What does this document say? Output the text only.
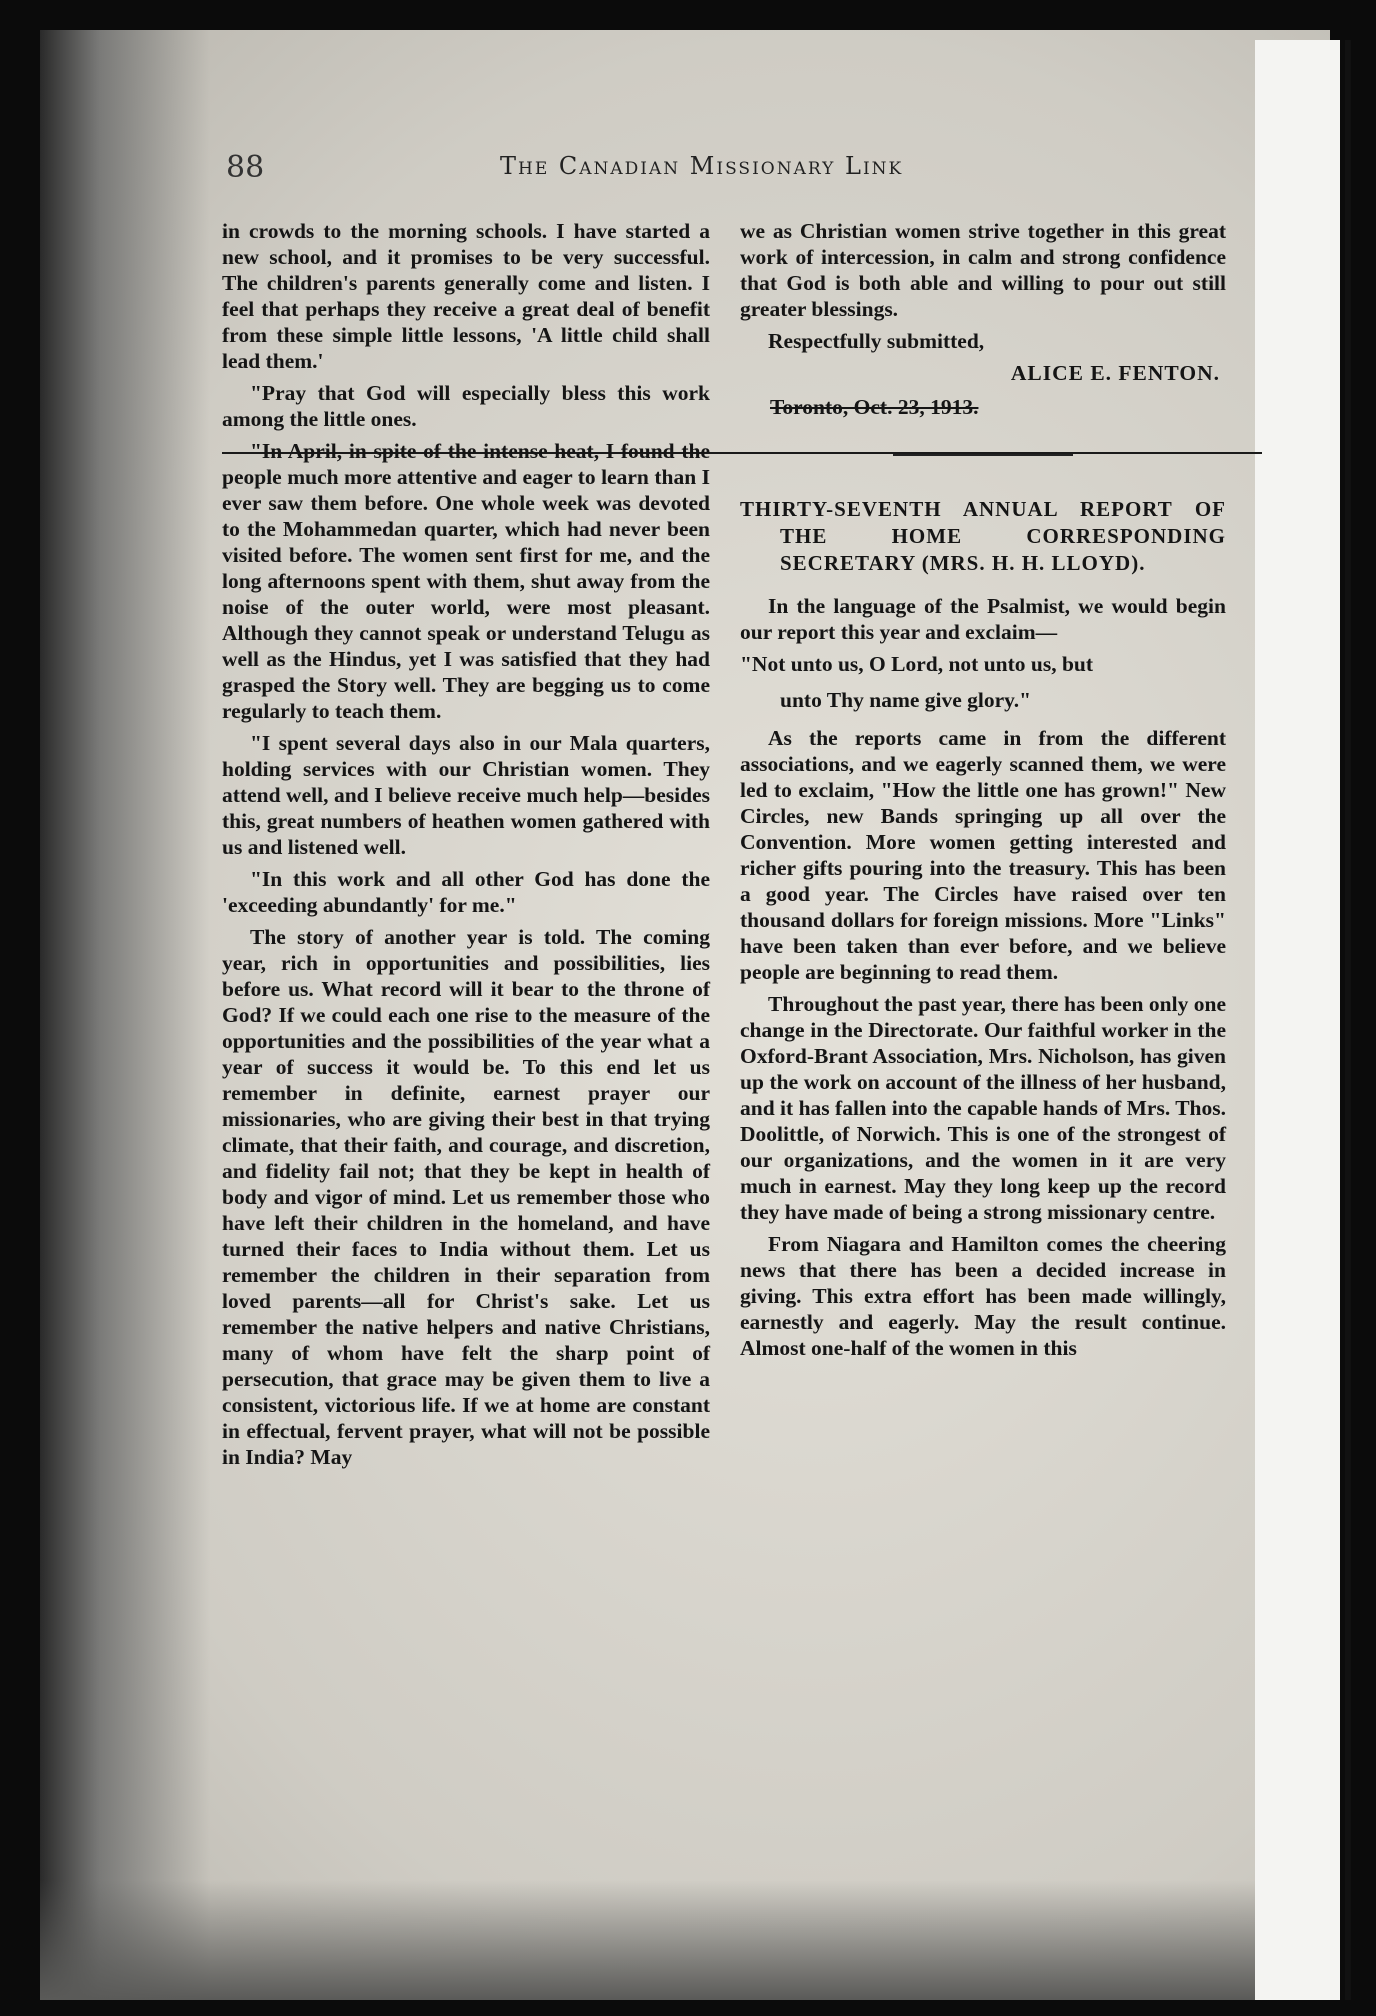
88	The Canadian Missionary Link

in crowds to the morning schools. I have started a new school, and it promises to be very successful. The children's parents generally come and listen. I feel that perhaps they receive a great deal of benefit from these simple little lessons, 'A little child shall lead them.'

"Pray that God will especially bless this work among the little ones.

"In April, in spite of the intense heat, I found the people much more attentive and eager to learn than I ever saw them before. One whole week was devoted to the Mohammedan quarter, which had never been visited before. The women sent first for me, and the long afternoons spent with them, shut away from the noise of the outer world, were most pleasant. Although they cannot speak or understand Telugu as well as the Hindus, yet I was satisfied that they had grasped the Story well. They are begging us to come regularly to teach them.

"I spent several days also in our Mala quarters, holding services with our Christian women. They attend well, and I believe receive much help—besides this, great numbers of heathen women gathered with us and listened well.

"In this work and all other God has done the 'exceeding abundantly' for me."

The story of another year is told. The coming year, rich in opportunities and possibilities, lies before us. What record will it bear to the throne of God? If we could each one rise to the measure of the opportunities and the possibilities of the year what a year of success it would be. To this end let us remember in definite, earnest prayer our missionaries, who are giving their best in that trying climate, that their faith, and courage, and discretion, and fidelity fail not; that they be kept in health of body and vigor of mind. Let us remember those who have left their children in the homeland, and have turned their faces to India without them. Let us remember the children in their separation from loved parents—all for Christ's sake. Let us remember the native helpers and native Christians, many of whom have felt the sharp point of persecution, that grace may be given them to live a consistent, victorious life. If we at home are constant in effectual, fervent prayer, what will not be possible in India? May

we as Christian women strive together in this great work of intercession, in calm and strong confidence that God is both able and willing to pour out still greater blessings.

Respectfully submitted,

ALICE E. FENTON.

Toronto, Oct. 23, 1913.

THIRTY-SEVENTH ANNUAL REPORT OF THE HOME CORRESPONDING SECRETARY (MRS. H. H. LLOYD).

In the language of the Psalmist, we would begin our report this year and exclaim—

"Not unto us, O Lord, not unto us, but

unto Thy name give glory."

As the reports came in from the different associations, and we eagerly scanned them, we were led to exclaim, "How the little one has grown!" New Circles, new Bands springing up all over the Convention. More women getting interested and richer gifts pouring into the treasury. This has been a good year. The Circles have raised over ten thousand dollars for foreign missions. More "Links" have been taken than ever before, and we believe people are beginning to read them.

Throughout the past year, there has been only one change in the Directorate. Our faithful worker in the Oxford-Brant Association, Mrs. Nicholson, has given up the work on account of the illness of her husband, and it has fallen into the capable hands of Mrs. Thos. Doolittle, of Norwich. This is one of the strongest of our organizations, and the women in it are very much in earnest. May they long keep up the record they have made of being a strong missionary centre.

From Niagara and Hamilton comes the cheering news that there has been a decided increase in giving. This extra effort has been made willingly, earnestly and eagerly. May the result continue. Almost one-half of the women in this
